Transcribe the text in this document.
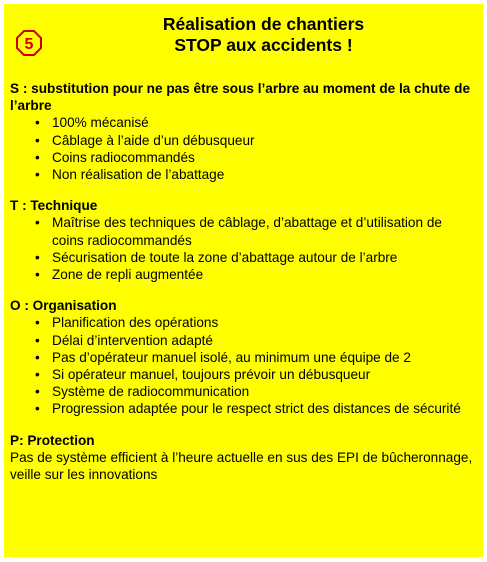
5
Réalisation de chantiers
STOP aux accidents !

S : substitution pour ne pas être sous l’arbre au moment de la chute de l’arbre

• 100% mécanisé
• Câblage à l’aide d’un débusqueur
• Coins radiocommandés
• Non réalisation de l’abattage

T : Technique

• Maîtrise des techniques de câblage, d’abattage et d’utilisation de coins radiocommandés
• Sécurisation de toute la zone d’abattage autour de l’arbre
• Zone de repli augmentée

O : Organisation

• Planification des opérations
• Délai d’intervention adapté
• Pas d’opérateur manuel isolé, au minimum une équipe de 2
• Si opérateur manuel, toujours prévoir un débusqueur
• Système de radiocommunication
• Progression adaptée pour le respect strict des distances de sécurité

P: Protection

Pas de système efficient à l’heure actuelle en sus des EPI de bûcheronnage, veille sur les innovations
